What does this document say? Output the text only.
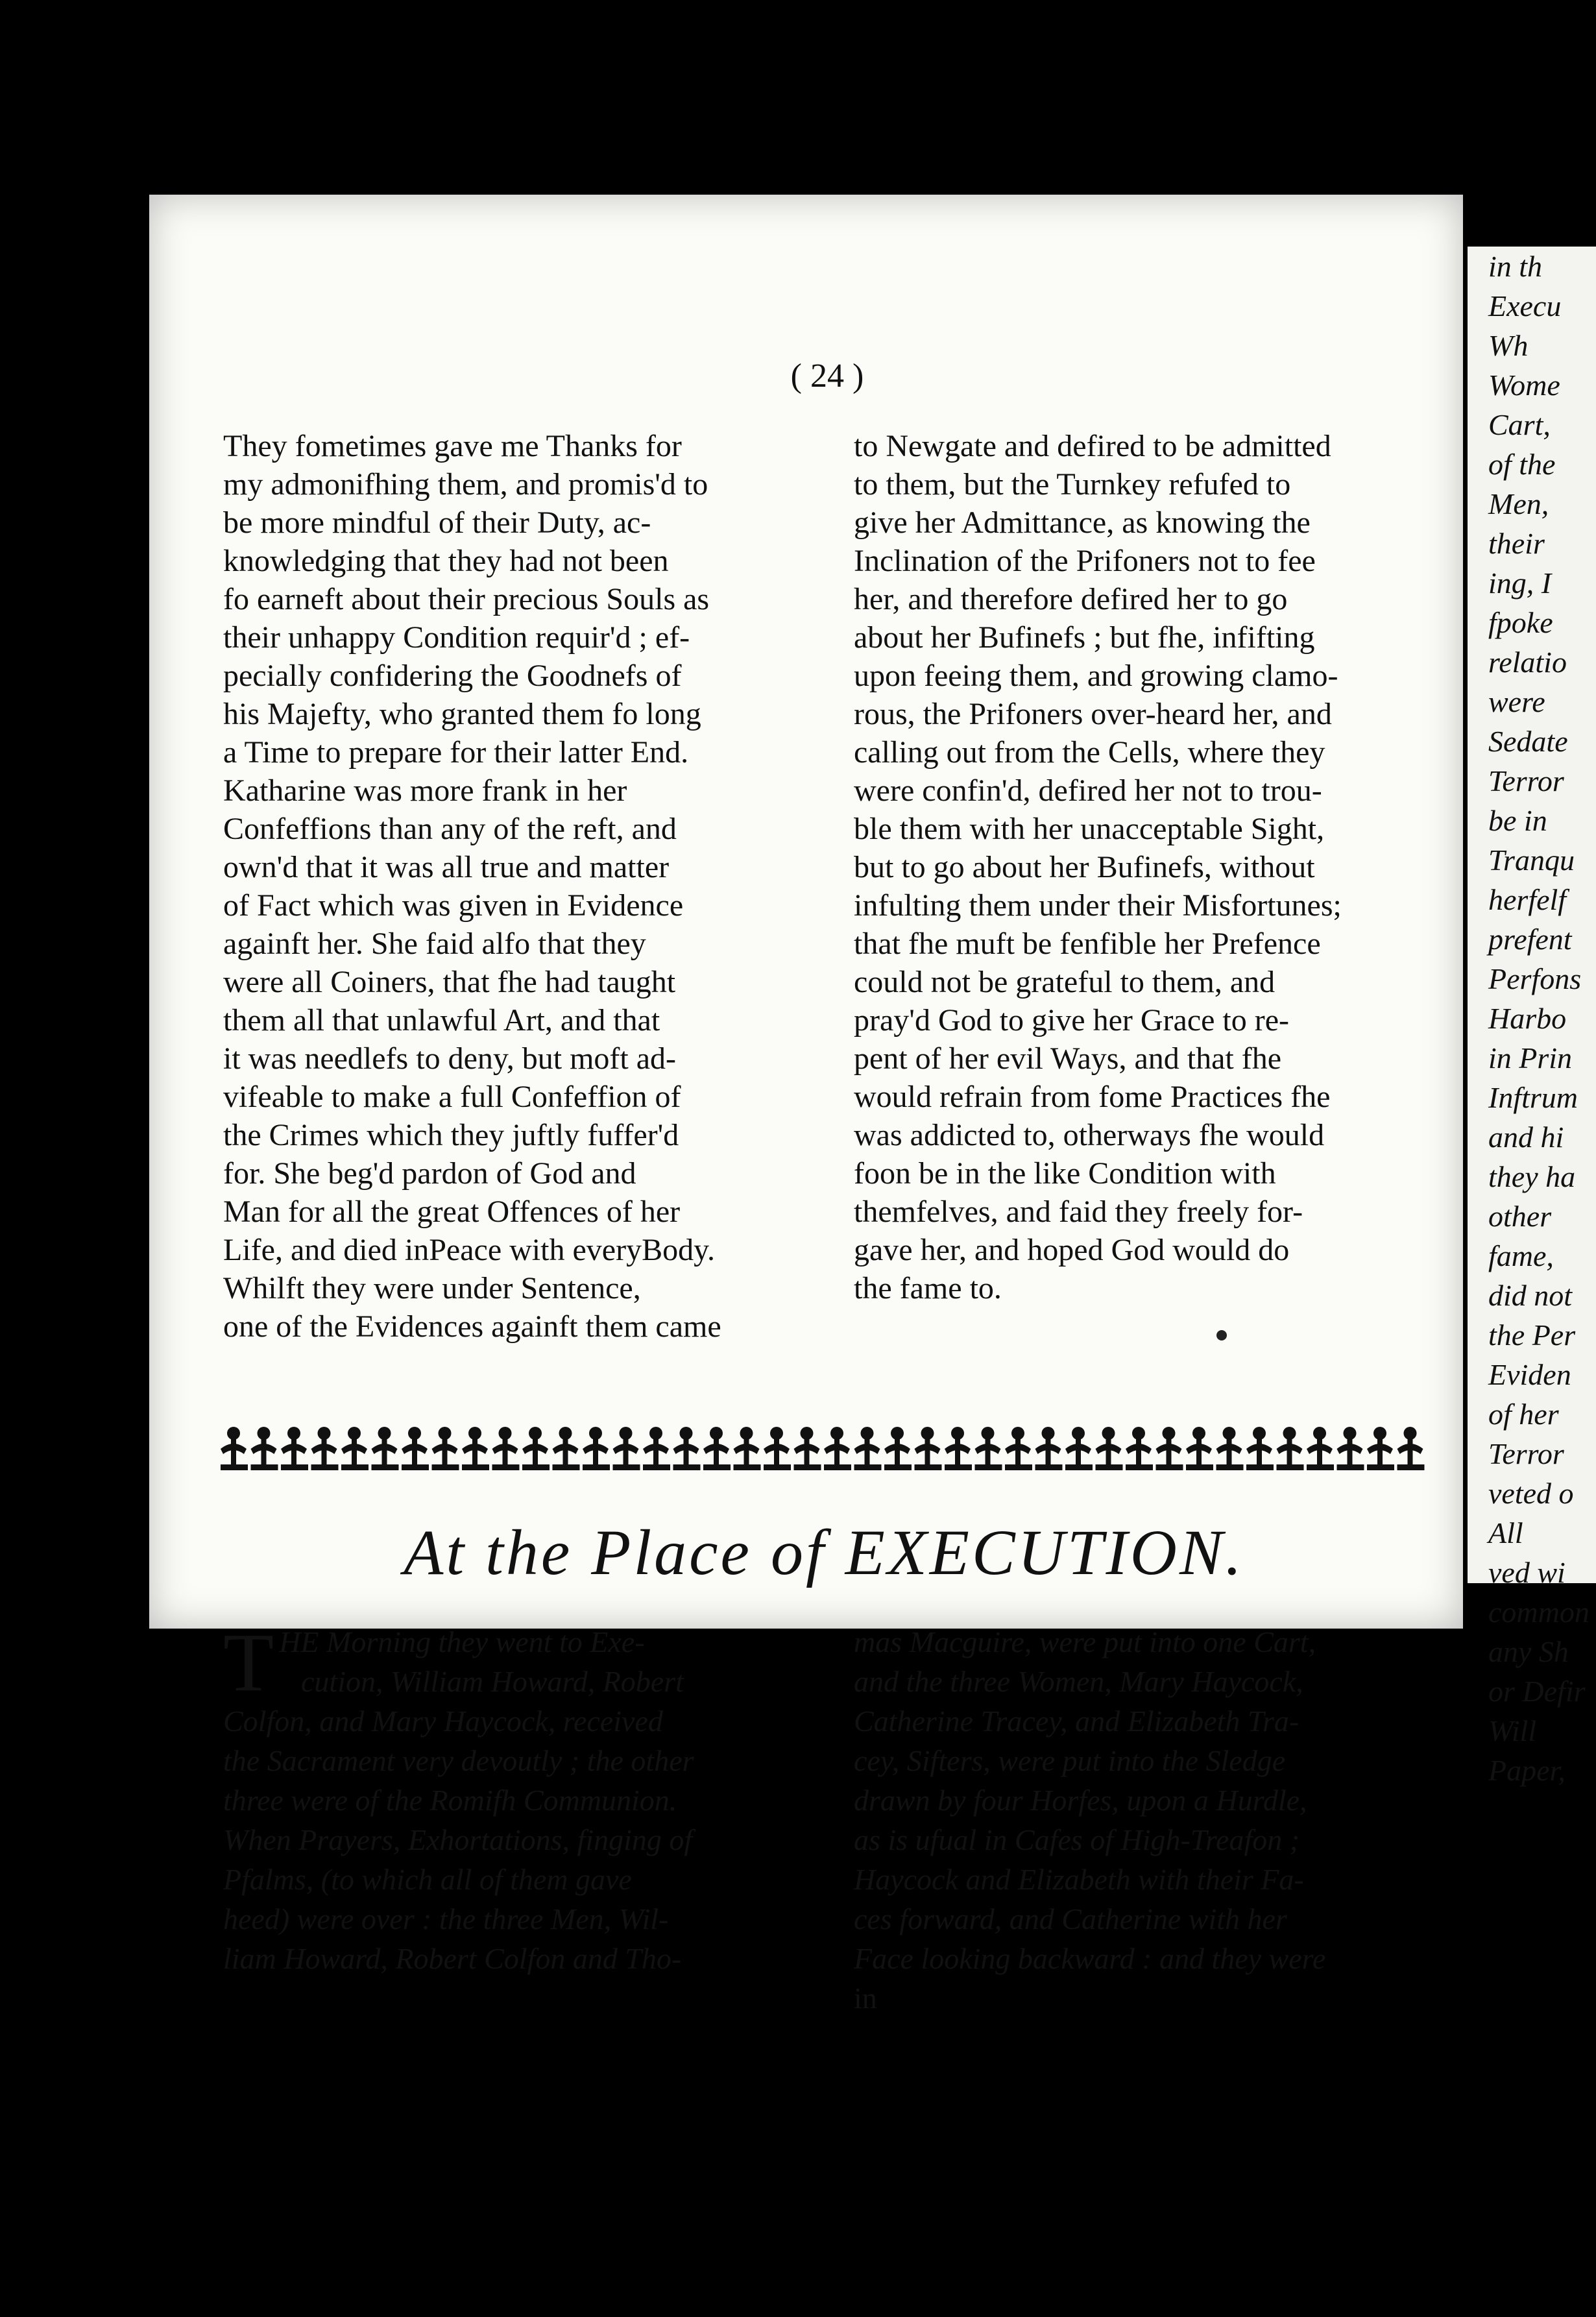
in th
Execu
Wh
Wome
Cart,
of the
Men,
their
ing, I
fpoke
relatio
were
Sedate
Terror
be in
Tranqu
herfelf
prefent
Perfons
Harbo
in Prin
Inftrum
and hi
they ha
other
fame,
did not
the Per
Eviden
of her
Terror
veted o
All
ved wi
common
any Sh
or Defir
Will
Paper,
( 24 )

They fometimes gave me Thanks for

my admonifhing them, and promis'd to

be more mindful of their Duty, ac-

knowledging that they had not been

fo earneft about their precious Souls as

their unhappy Condition requir'd ; ef-

pecially confidering the Goodnefs of

his Majefty, who granted them fo long

a Time to prepare for their latter End.

Katharine was more frank in her

Confeffions than any of the reft, and

own'd that it was all true and matter

of Fact which was given in Evidence

againft her. She faid alfo that they

were all Coiners, that fhe had taught

them all that unlawful Art, and that

it was needlefs to deny, but moft ad-

vifeable to make a full Confeffion of

the Crimes which they juftly fuffer'd

for. She beg'd pardon of God and

Man for all the great Offences of her

Life, and died inPeace with everyBody.

Whilft they were under Sentence,

one of the Evidences againft them came

to Newgate and defired to be admitted

to them, but the Turnkey refufed to

give her Admittance, as knowing the

Inclination of the Prifoners not to fee

her, and therefore defired her to go

about her Bufinefs ; but fhe, infifting

upon feeing them, and growing clamo-

rous, the Prifoners over-heard her, and

calling out from the Cells, where they

were confin'd, defired her not to trou-

ble them with her unacceptable Sight,

but to go about her Bufinefs, without

infulting them under their Misfortunes;

that fhe muft be fenfible her Prefence

could not be grateful to them, and

pray'd God to give her Grace to re-

pent of her evil Ways, and that fhe

would refrain from fome Practices fhe

was addicted to, otherways fhe would

foon be in the like Condition with

themfelves, and faid they freely for-

gave her, and hoped God would do

the fame to.

At the Place of EXECUTION.
T HE Morning they went to Exe-

cution, William Howard, Robert

Colfon, and Mary Haycock, received

the Sacrament very devoutly ; the other

three were of the Romifh Communion.

When Prayers, Exhortations, finging of

Pfalms, (to which all of them gave

heed) were over : the three Men, Wil-

liam Howard, Robert Colfon and Tho-

mas Macguire, were put into one Cart,

and the three Women, Mary Haycock,

Catherine Tracey, and Elizabeth Tra-

cey, Sifters, were put into the Sledge

drawn by four Horfes, upon a Hurdle,

as is ufual in Cafes of High-Treafon ;

Haycock and Elizabeth with their Fa-

ces forward, and Catherine with her

Face looking backward : and they were

in
